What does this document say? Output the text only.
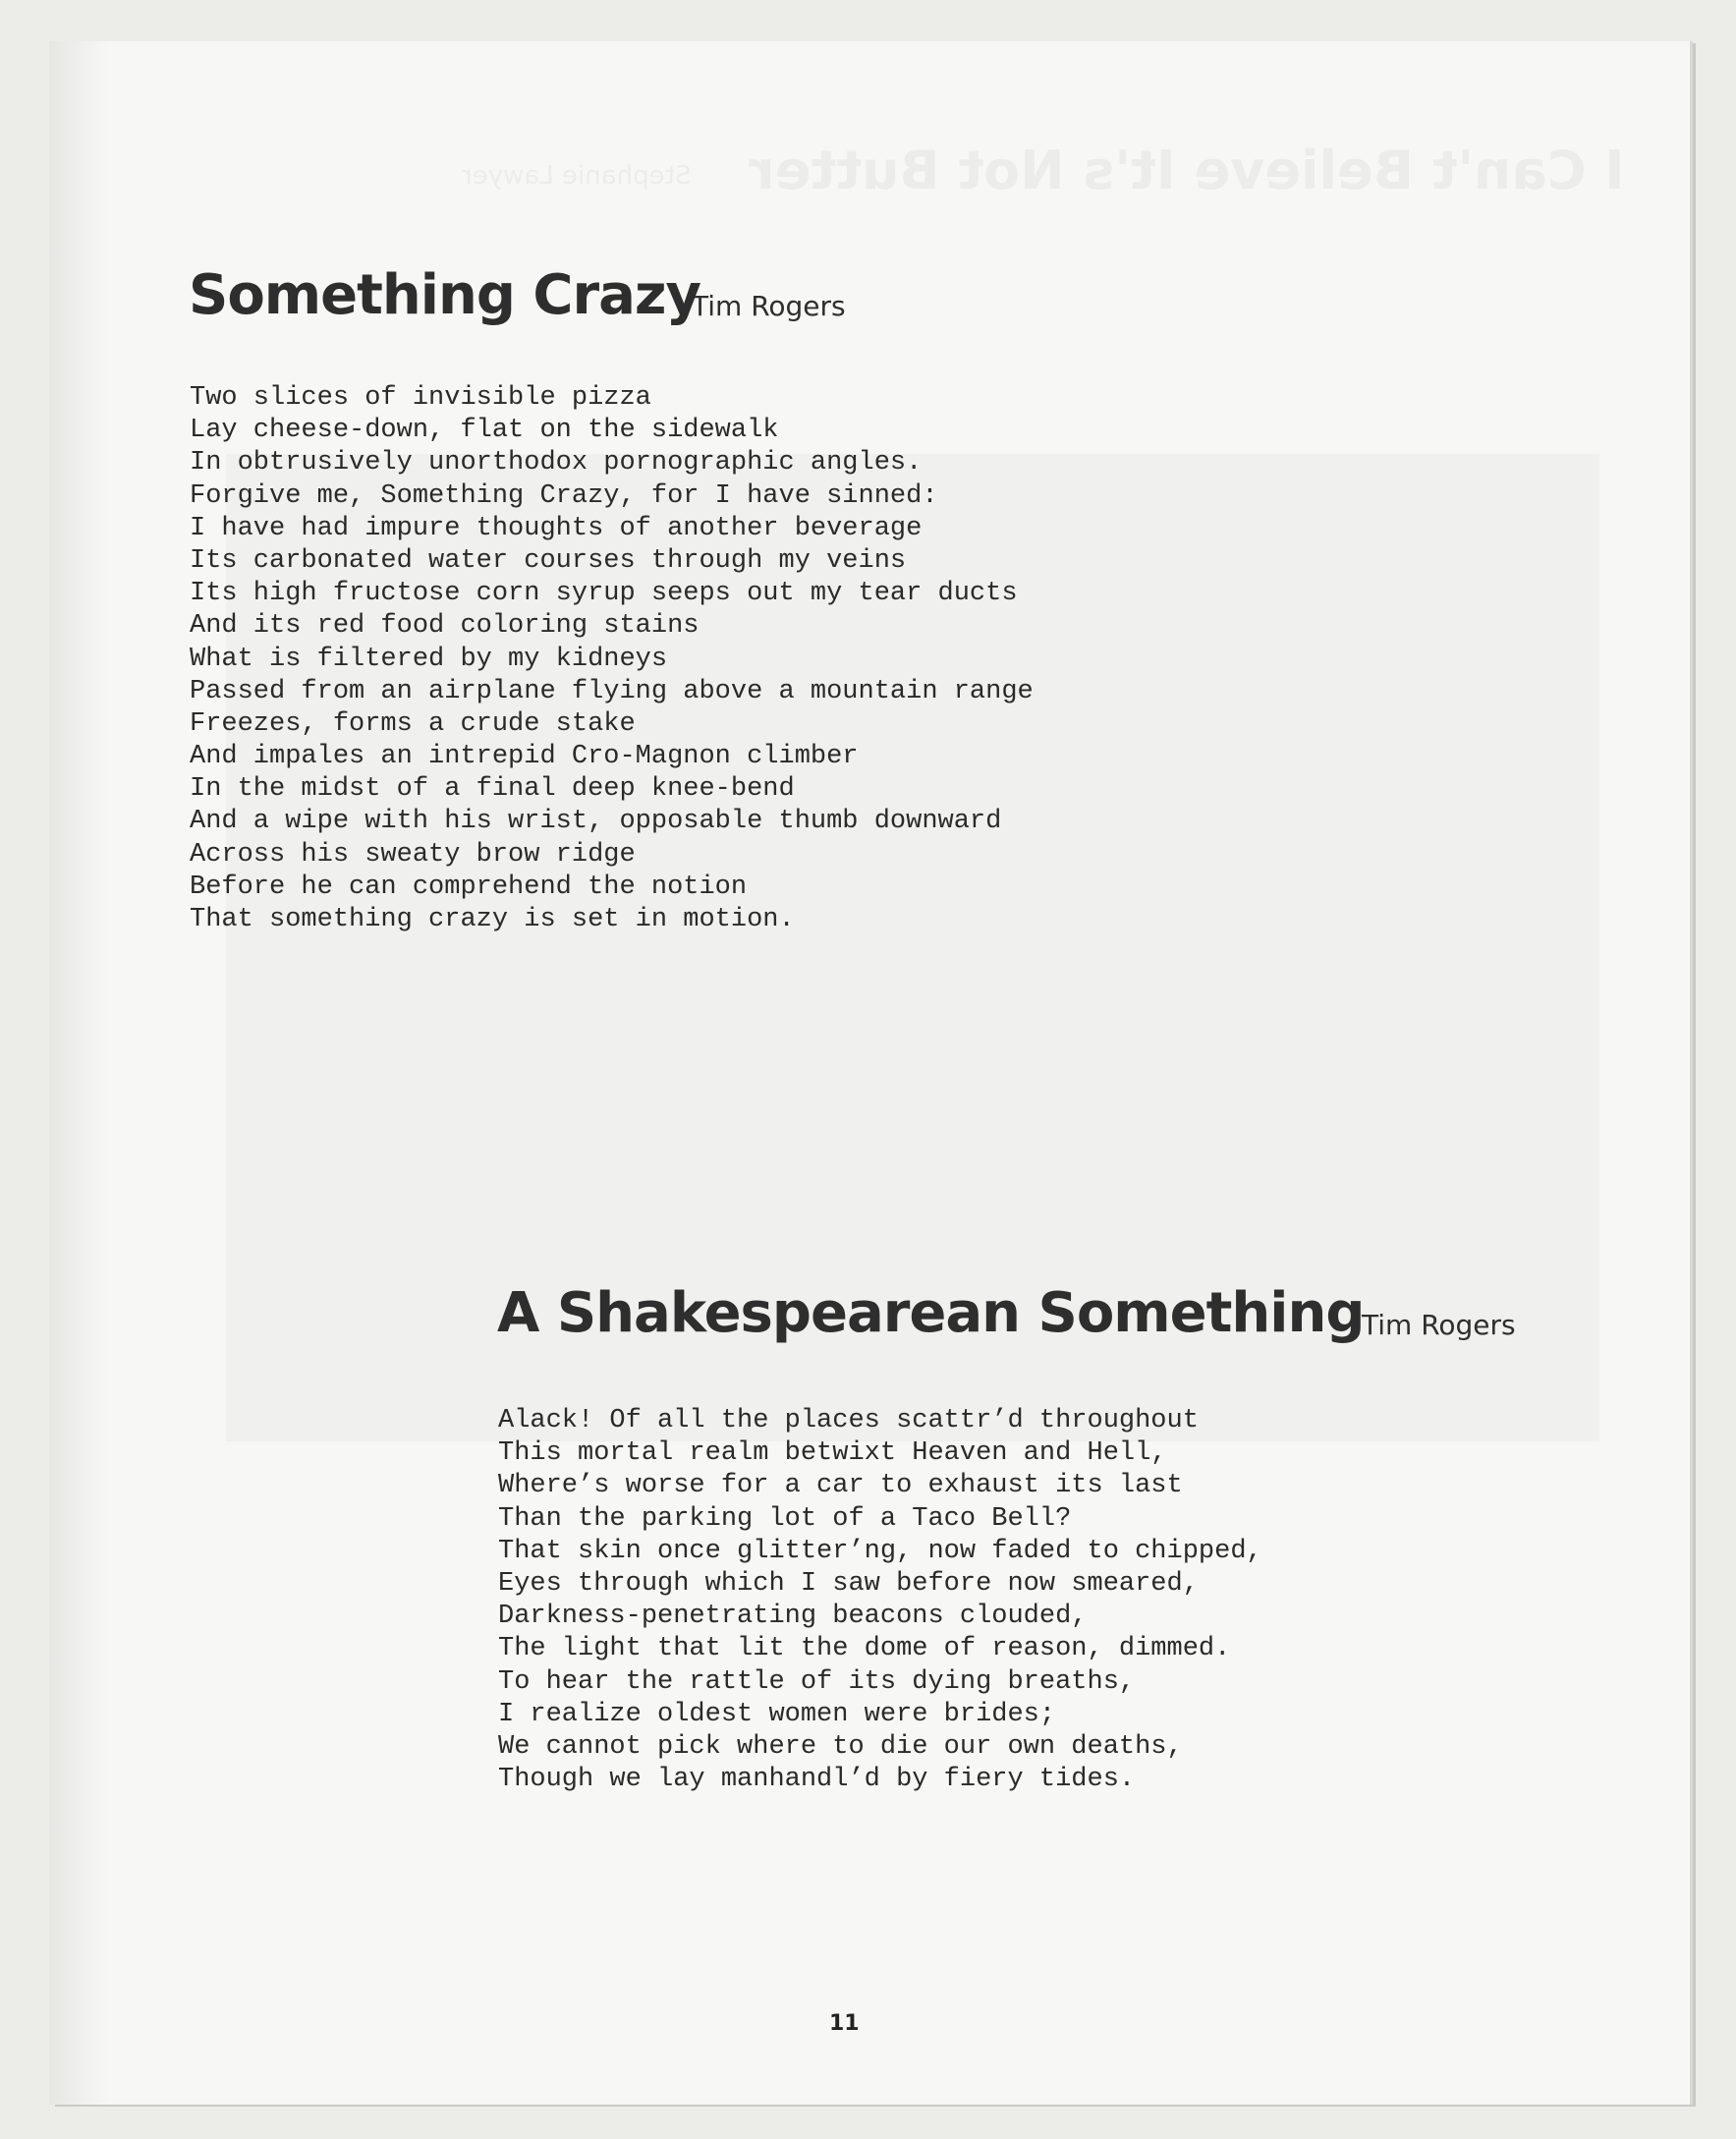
I Can't Believe It's Not Butter
Stephanie Lawyer
Something Crazy
Tim Rogers
Two slices of invisible pizza
Lay cheese-down, flat on the sidewalk
In obtrusively unorthodox pornographic angles.
Forgive me, Something Crazy, for I have sinned:
I have had impure thoughts of another beverage
Its carbonated water courses through my veins
Its high fructose corn syrup seeps out my tear ducts
And its red food coloring stains
What is filtered by my kidneys
Passed from an airplane flying above a mountain range
Freezes, forms a crude stake
And impales an intrepid Cro-Magnon climber
In the midst of a final deep knee-bend
And a wipe with his wrist, opposable thumb downward
Across his sweaty brow ridge
Before he can comprehend the notion
That something crazy is set in motion.
A Shakespearean Something
Tim Rogers
Alack! Of all the places scattr’d throughout
This mortal realm betwixt Heaven and Hell,
Where’s worse for a car to exhaust its last
Than the parking lot of a Taco Bell?
That skin once glitter’ng, now faded to chipped,
Eyes through which I saw before now smeared,
Darkness-penetrating beacons clouded,
The light that lit the dome of reason, dimmed.
To hear the rattle of its dying breaths,
I realize oldest women were brides;
We cannot pick where to die our own deaths,
Though we lay manhandl’d by fiery tides.
11
